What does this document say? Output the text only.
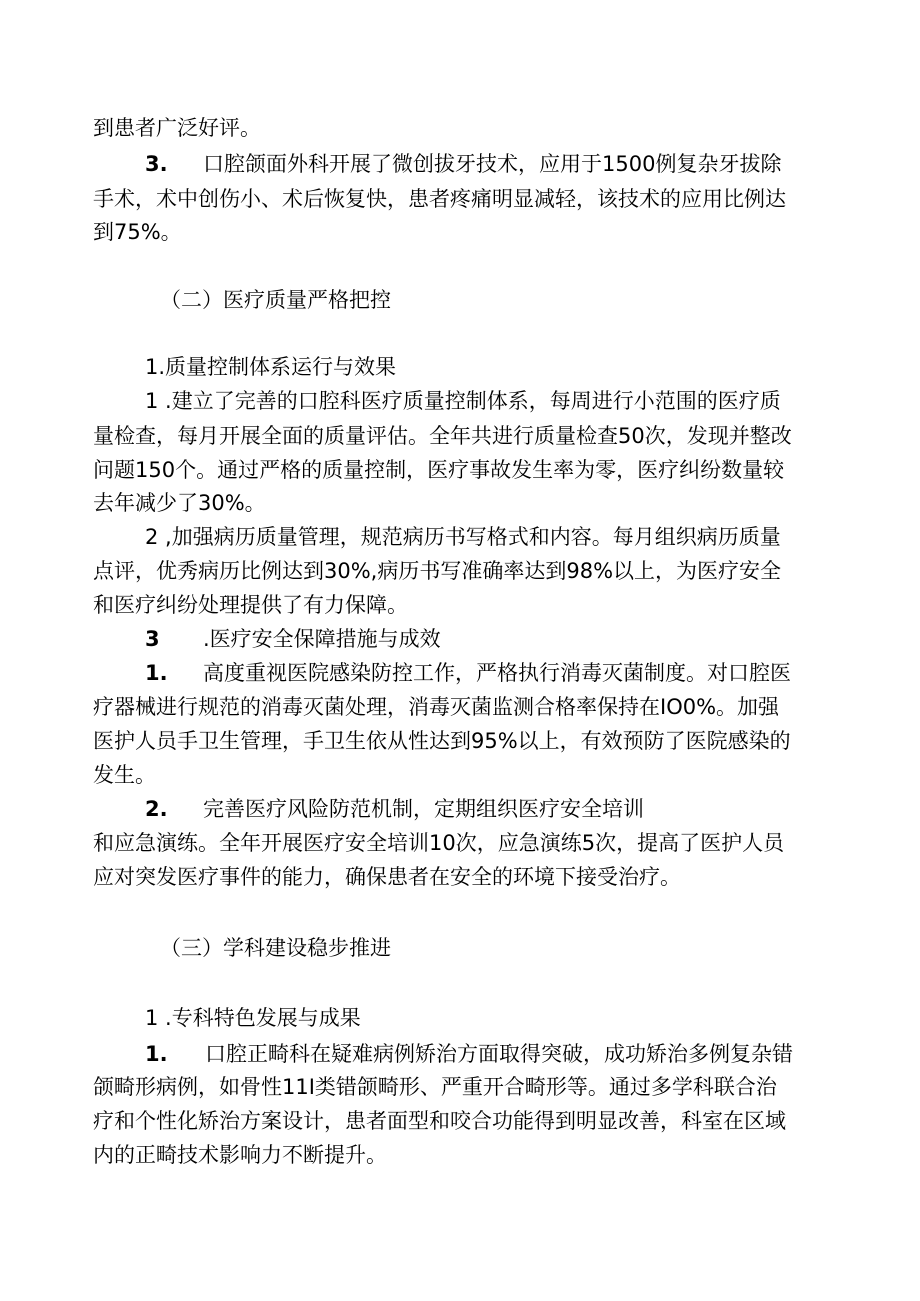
到患者广泛好评。
3. 口腔颌面外科开展了微创拔牙技术，应用于1500例复杂牙拔除
手术，术中创伤小、术后恢复快，患者疼痛明显减轻，该技术的应用比例达
到75%。
（二）医疗质量严格把控
1.质量控制体系运行与效果
1 .建立了完善的口腔科医疗质量控制体系，每周进行小范围的医疗质
量检查，每月开展全面的质量评估。全年共进行质量检查50次，发现并整改
问题150个。通过严格的质量控制，医疗事故发生率为零，医疗纠纷数量较
去年减少了30%。
2 ,加强病历质量管理，规范病历书写格式和内容。每月组织病历质量
点评，优秀病历比例达到30%,病历书写准确率达到98%以上，为医疗安全
和医疗纠纷处理提供了有力保障。
3 .医疗安全保障措施与成效
1. 高度重视医院感染防控工作，严格执行消毒灭菌制度。对口腔医
疗器械进行规范的消毒灭菌处理，消毒灭菌监测合格率保持在IO0%。加强
医护人员手卫生管理，手卫生依从性达到95%以上，有效预防了医院感染的
发生。
2. 完善医疗风险防范机制，定期组织医疗安全培训
和应急演练。全年开展医疗安全培训10次，应急演练5次，提高了医护人员
应对突发医疗事件的能力，确保患者在安全的环境下接受治疗。
（三）学科建设稳步推进
1 .专科特色发展与成果
1. 口腔正畸科在疑难病例矫治方面取得突破，成功矫治多例复杂错
颌畸形病例，如骨性11I类错颌畸形、严重开合畸形等。通过多学科联合治
疗和个性化矫治方案设计，患者面型和咬合功能得到明显改善，科室在区域
内的正畸技术影响力不断提升。
